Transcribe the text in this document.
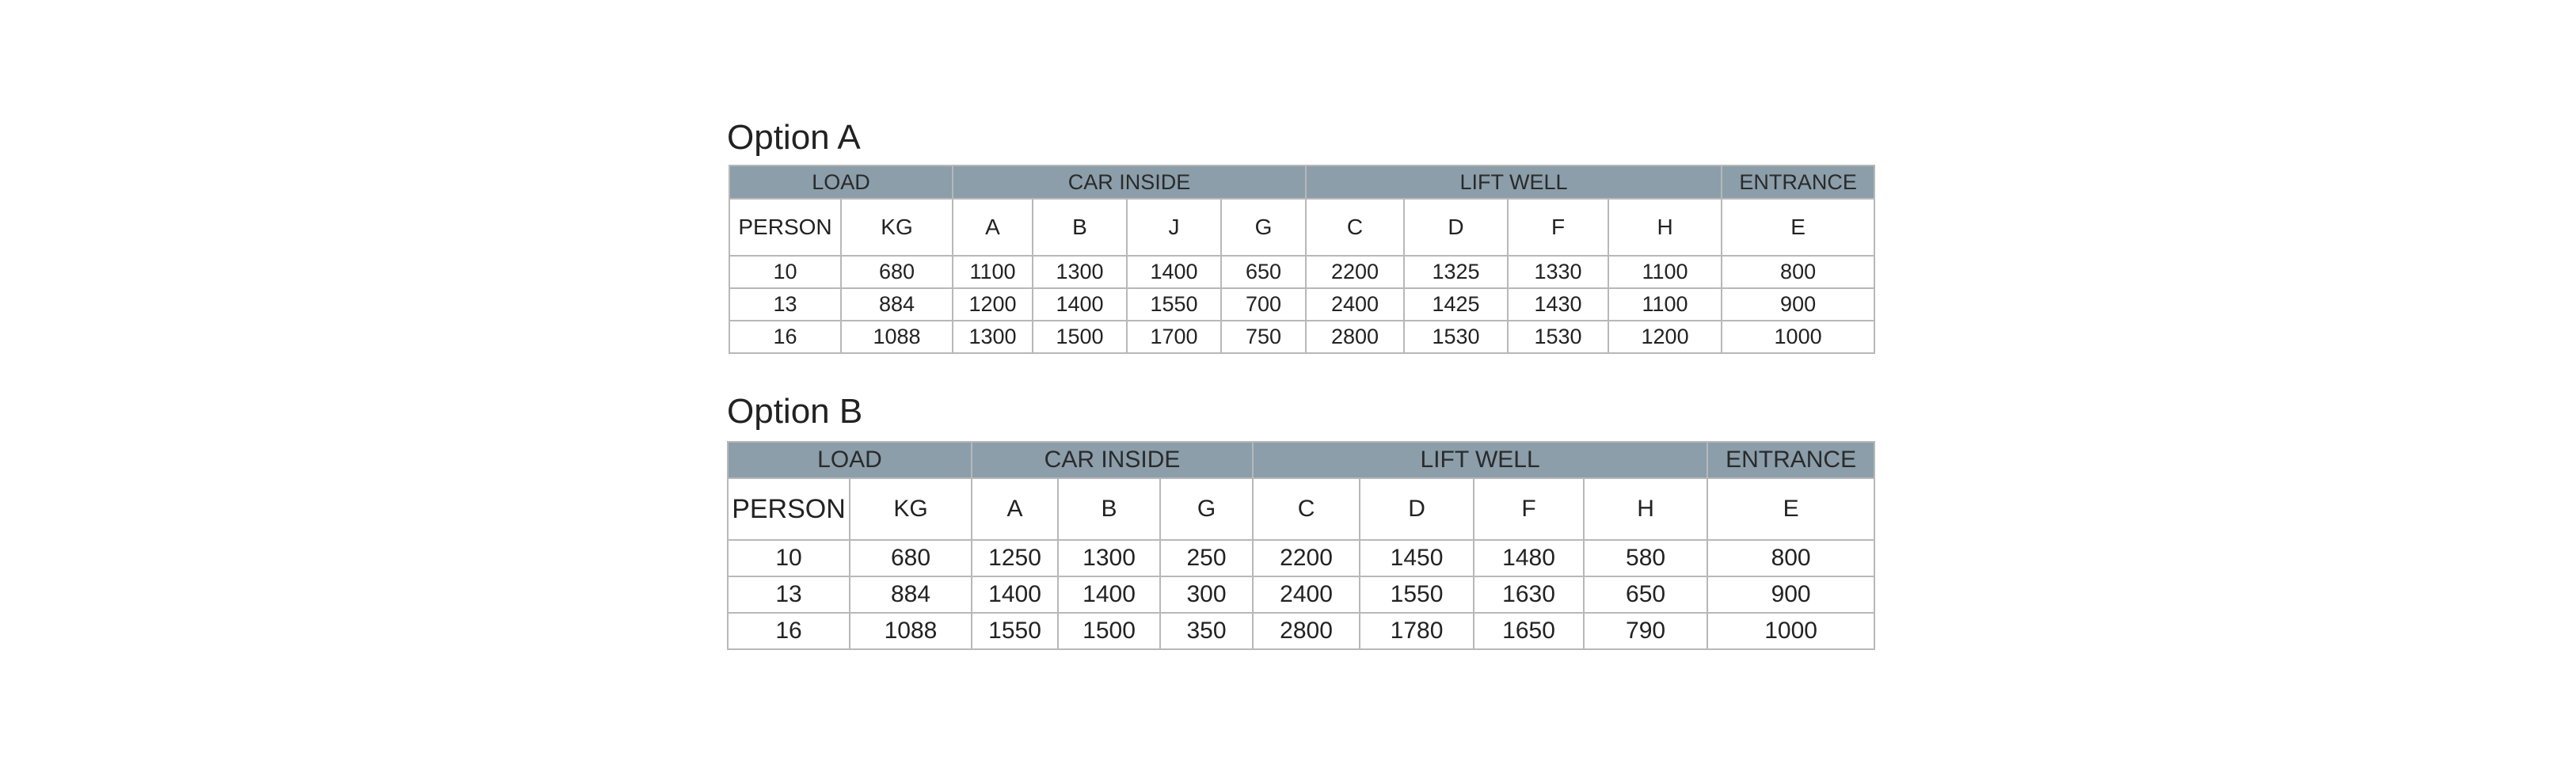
Option A
LOAD		CAR INSIDE				LIFT WELL				ENTRANCE
PERSON	KG	A	B	J	G	C	D	F	H	E
10	680	1100	1300	1400	650	2200	1325	1330	1100	800
13	884	1200	1400	1550	700	2400	1425	1430	1100	900
16	1088	1300	1500	1700	750	2800	1530	1530	1200	1000
Option B
LOAD		CAR INSIDE			LIFT WELL				ENTRANCE
PERSON	KG	A	B	G	C	D	F	H	E
10	680	1250	1300	250	2200	1450	1480	580	800
13	884	1400	1400	300	2400	1550	1630	650	900
16	1088	1550	1500	350	2800	1780	1650	790	1000
